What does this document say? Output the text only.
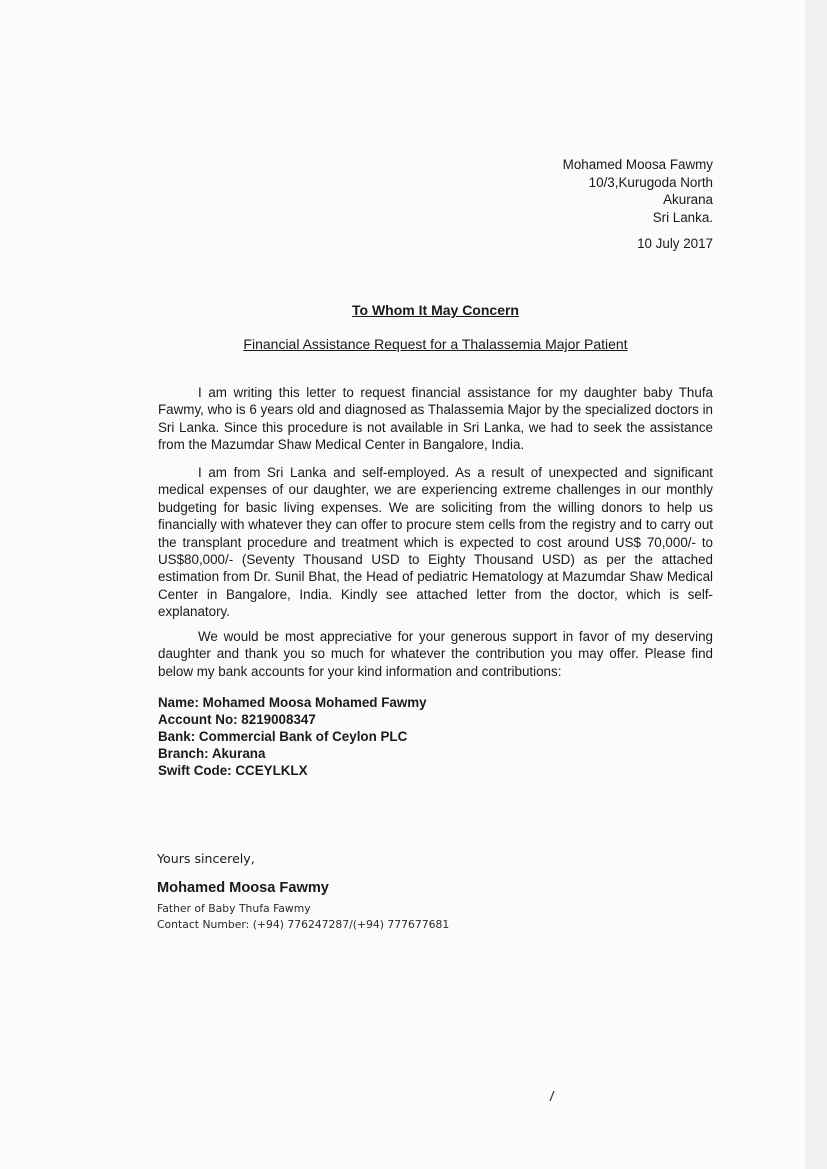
Mohamed Moosa Fawmy
10/3,Kurugoda North
Akurana
Sri Lanka.
10 July 2017
To Whom It May Concern
Financial Assistance Request for a Thalassemia Major Patient

I am writing this letter to request financial assistance for my daughter baby Thufa Fawmy, who is 6 years old and diagnosed as Thalassemia Major by the specialized doctors in Sri Lanka. Since this procedure is not available in Sri Lanka, we had to seek the assistance from the Mazumdar Shaw Medical Center in Bangalore, India.

I am from Sri Lanka and self-employed. As a result of unexpected and significant medical expenses of our daughter, we are experiencing extreme challenges in our monthly budgeting for basic living expenses. We are soliciting from the willing donors to help us financially with whatever they can offer to procure stem cells from the registry and to carry out the transplant procedure and treatment which is expected to cost around US$ 70,000/- to US$80,000/- (Seventy Thousand USD to Eighty Thousand USD) as per the attached estimation from Dr. Sunil Bhat, the Head of pediatric Hematology at Mazumdar Shaw Medical Center in Bangalore, India. Kindly see attached letter from the doctor, which is self-explanatory.

We would be most appreciative for your generous support in favor of my deserving daughter and thank you so much for whatever the contribution you may offer. Please find below my bank accounts for your kind information and contributions:

Name: Mohamed Moosa Mohamed Fawmy
Account No: 8219008347
Bank: Commercial Bank of Ceylon PLC
Branch: Akurana
Swift Code: CCEYLKLX
Yours sincerely,
Mohamed Moosa Fawmy
Father of Baby Thufa Fawmy
Contact Number: (+94) 776247287/(+94) 777677681
